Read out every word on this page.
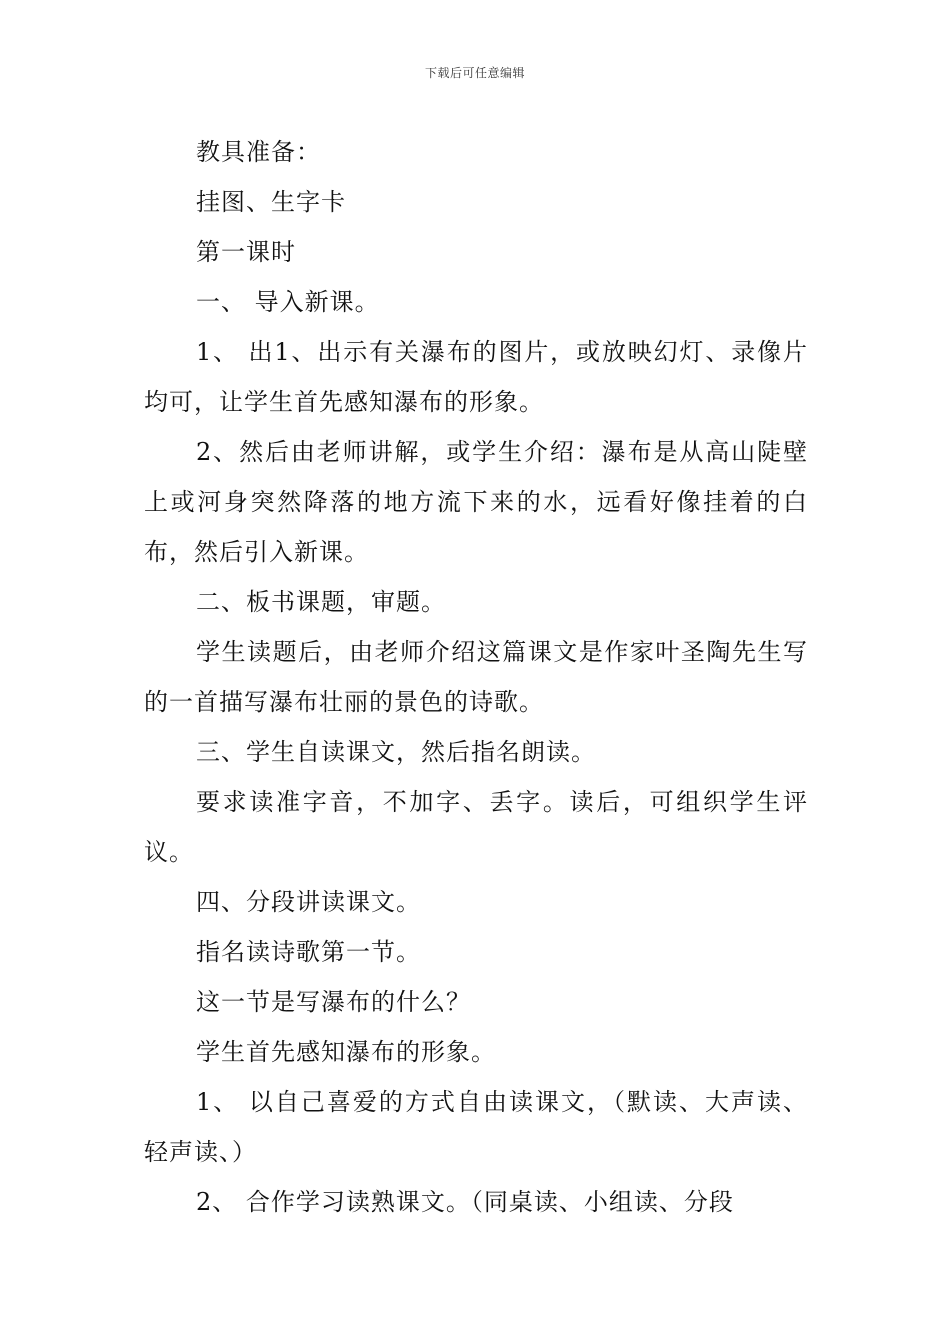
下载后可任意编辑

教具准备：

挂图、生字卡

第一课时

一、 导入新课。

1、 出1、出示有关瀑布的图片，或放映幻灯、录像片均可，让学生首先感知瀑布的形象。

2、然后由老师讲解，或学生介绍：瀑布是从高山陡壁上或河身突然降落的地方流下来的水，远看好像挂着的白布，然后引入新课。

二、板书课题，审题。

学生读题后，由老师介绍这篇课文是作家叶圣陶先生写的一首描写瀑布壮丽的景色的诗歌。

三、学生自读课文，然后指名朗读。

要求读准字音，不加字、丢字。读后，可组织学生评议。

四、分段讲读课文。

指名读诗歌第一节。

这一节是写瀑布的什么？

学生首先感知瀑布的形象。

1、 以自己喜爱的方式自由读课文，（默读、大声读、轻声读、）

2、 合作学习读熟课文。（同桌读、小组读、分段
